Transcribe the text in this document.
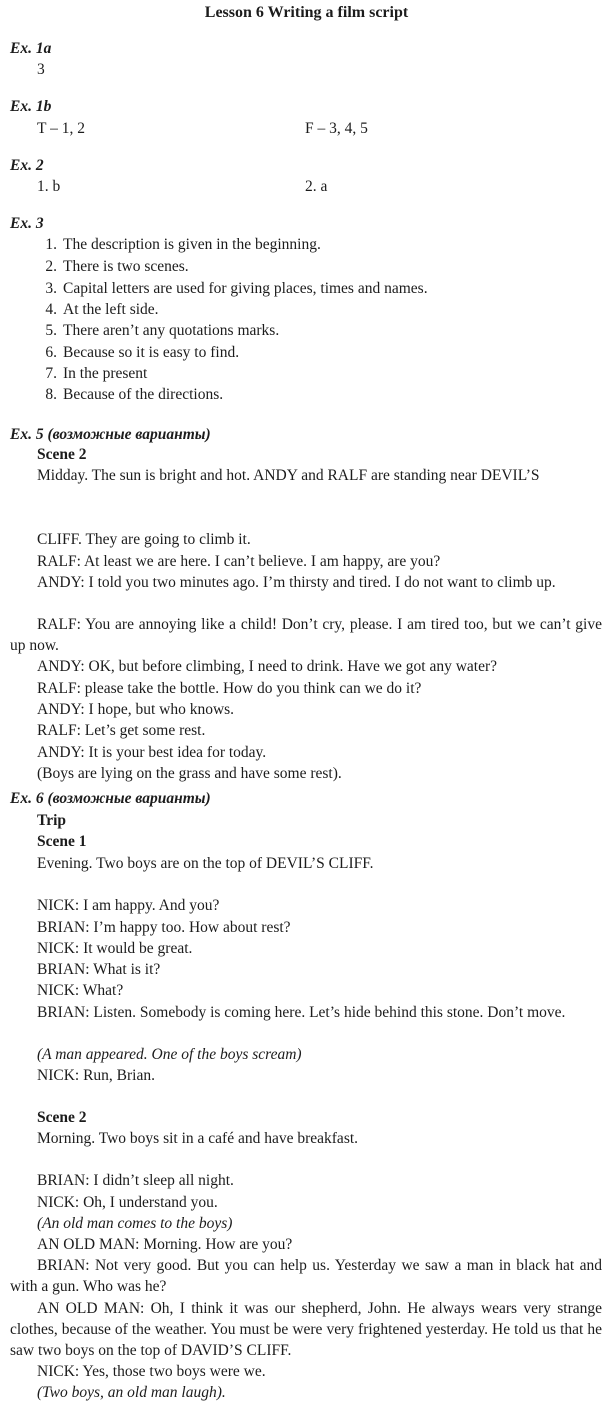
Lesson 6 Writing a film script
Ex. 1a
3
Ex. 1b
T – 1, 2	F – 3, 4, 5
Ex. 2
1. b	2. a
Ex. 3
1. The description is given in the beginning.
2. There is two scenes.
3. Capital letters are used for giving places, times and names.
4. At the left side.
5. There aren’t any quotations marks.
6. Because so it is easy to find.
7. In the present
8. Because of the directions.
Ex. 5 (возможные варианты)
Scene 2
Midday. The sun is bright and hot. ANDY and RALF are standing near DEVIL’S
CLIFF. They are going to climb it.
RALF: At least we are here. I can’t believe. I am happy, are you?
ANDY: I told you two minutes ago. I’m thirsty and tired. I do not want to climb up.
RALF: You are annoying like a child! Don’t cry, please. I am tired too, but we can’t give up now.
ANDY: OK, but before climbing, I need to drink. Have we got any water?
RALF: please take the bottle. How do you think can we do it?
ANDY: I hope, but who knows.
RALF: Let’s get some rest.
ANDY: It is your best idea for today.
(Boys are lying on the grass and have some rest).
Ex. 6 (возможные варианты)
Trip
Scene 1
Evening. Two boys are on the top of DEVIL’S CLIFF.
NICK: I am happy. And you?
BRIAN: I’m happy too. How about rest?
NICK: It would be great.
BRIAN: What is it?
NICK: What?
BRIAN: Listen. Somebody is coming here. Let’s hide behind this stone. Don’t move.
(A man appeared. One of the boys scream)
NICK: Run, Brian.
Scene 2
Morning. Two boys sit in a café and have breakfast.
BRIAN: I didn’t sleep all night.
NICK: Oh, I understand you.
(An old man comes to the boys)
AN OLD MAN: Morning. How are you?
BRIAN: Not very good. But you can help us. Yesterday we saw a man in black hat and with a gun. Who was he?
AN OLD MAN: Oh, I think it was our shepherd, John. He always wears very strange clothes, because of the weather. You must be were very frightened yesterday. He told us that he saw two boys on the top of DAVID’S CLIFF.
NICK: Yes, those two boys were we.
(Two boys, an old man laugh).
